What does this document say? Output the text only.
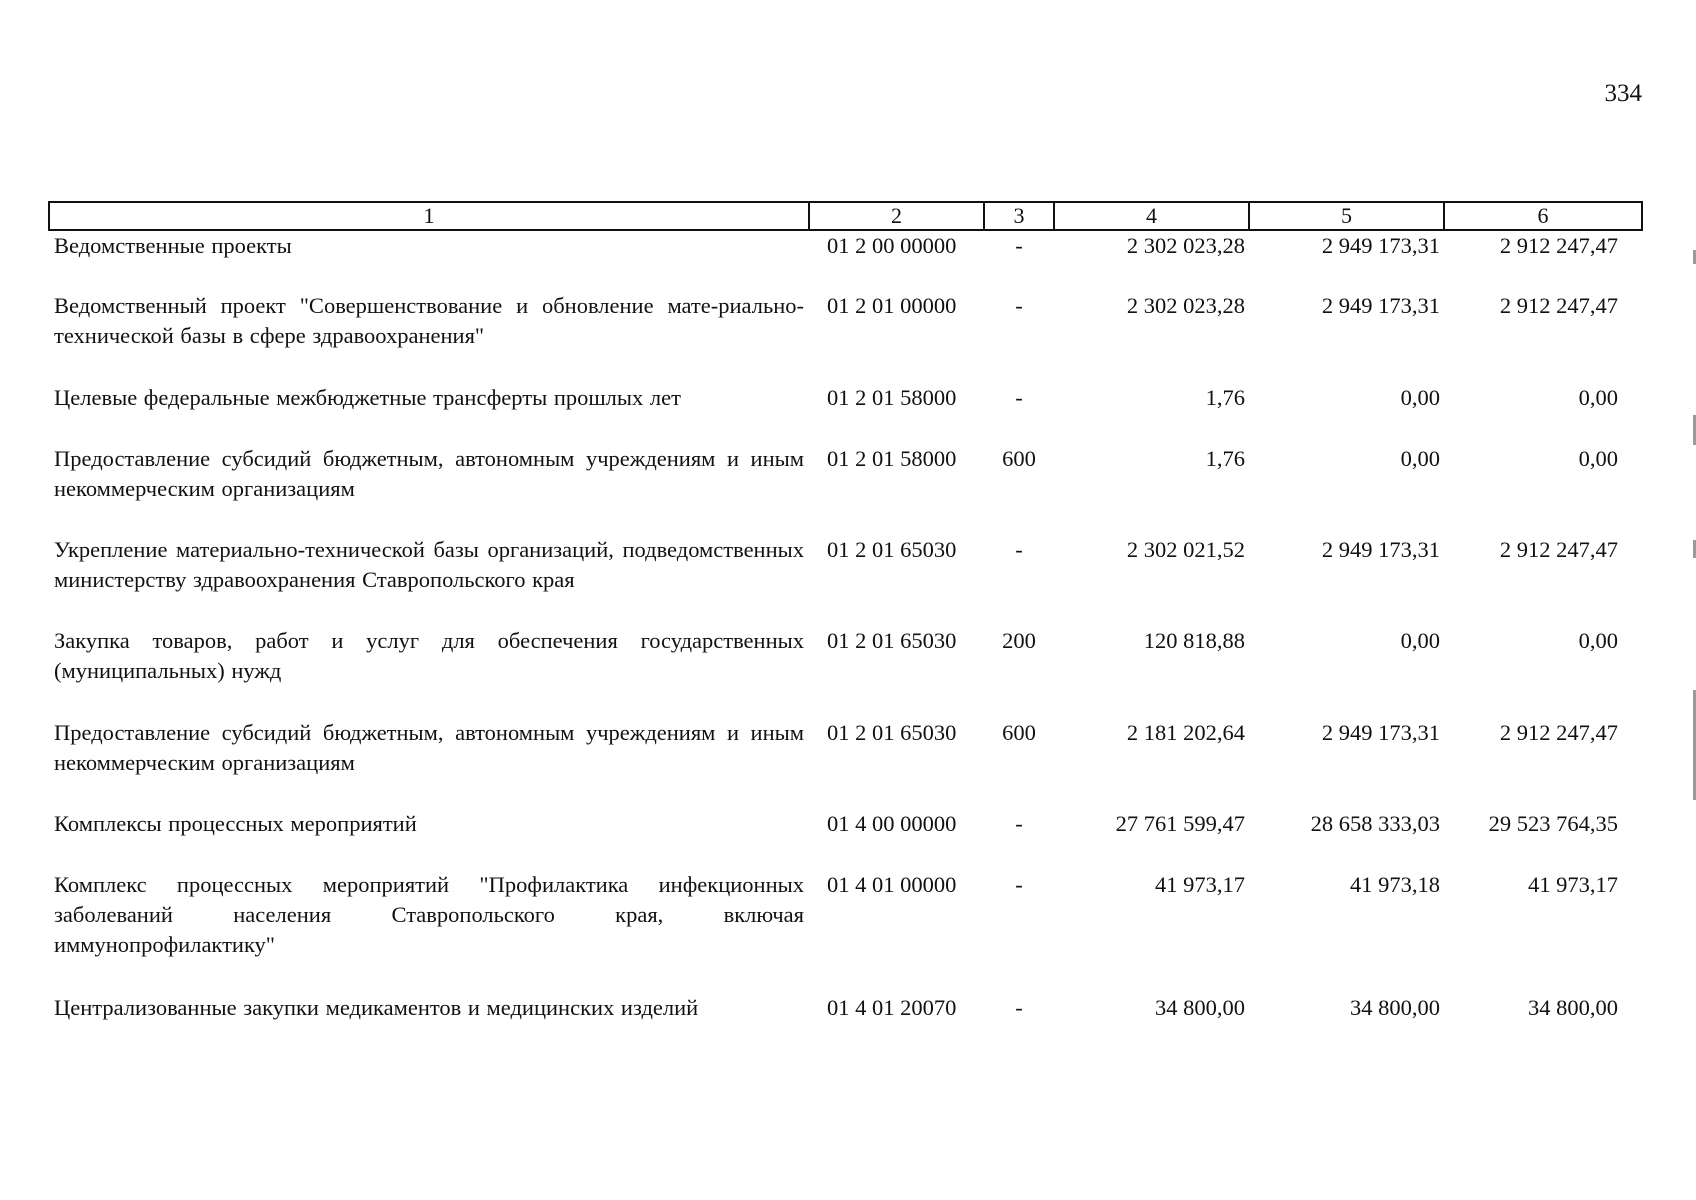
334
1	2	3	4	5	6
Ведомственные проекты	01 2 00 00000	-	2 302 023,28	2 949 173,31	2 912 247,47
Ведомственный проект "Совершенствование и обновление мате-риально-технической базы в сфере здравоохранения"	01 2 01 00000	-	2 302 023,28	2 949 173,31	2 912 247,47
Целевые федеральные межбюджетные трансферты прошлых лет	01 2 01 58000	-	1,76	0,00	0,00
Предоставление субсидий бюджетным, автономным учреждениям и иным некоммерческим организациям	01 2 01 58000	600	1,76	0,00	0,00
Укрепление материально-технической базы организаций, подведомственных министерству здравоохранения Ставропольского края	01 2 01 65030	-	2 302 021,52	2 949 173,31	2 912 247,47
Закупка товаров, работ и услуг для обеспечения государственных (муниципальных) нужд	01 2 01 65030	200	120 818,88	0,00	0,00
Предоставление субсидий бюджетным, автономным учреждениям и иным некоммерческим организациям	01 2 01 65030	600	2 181 202,64	2 949 173,31	2 912 247,47
Комплексы процессных мероприятий	01 4 00 00000	-	27 761 599,47	28 658 333,03	29 523 764,35
Комплекс процессных мероприятий "Профилактика инфекционных заболеваний населения Ставропольского края, включая иммунопрофилактику"	01 4 01 00000	-	41 973,17	41 973,18	41 973,17
Централизованные закупки медикаментов и медицинских изделий	01 4 01 20070	-	34 800,00	34 800,00	34 800,00
